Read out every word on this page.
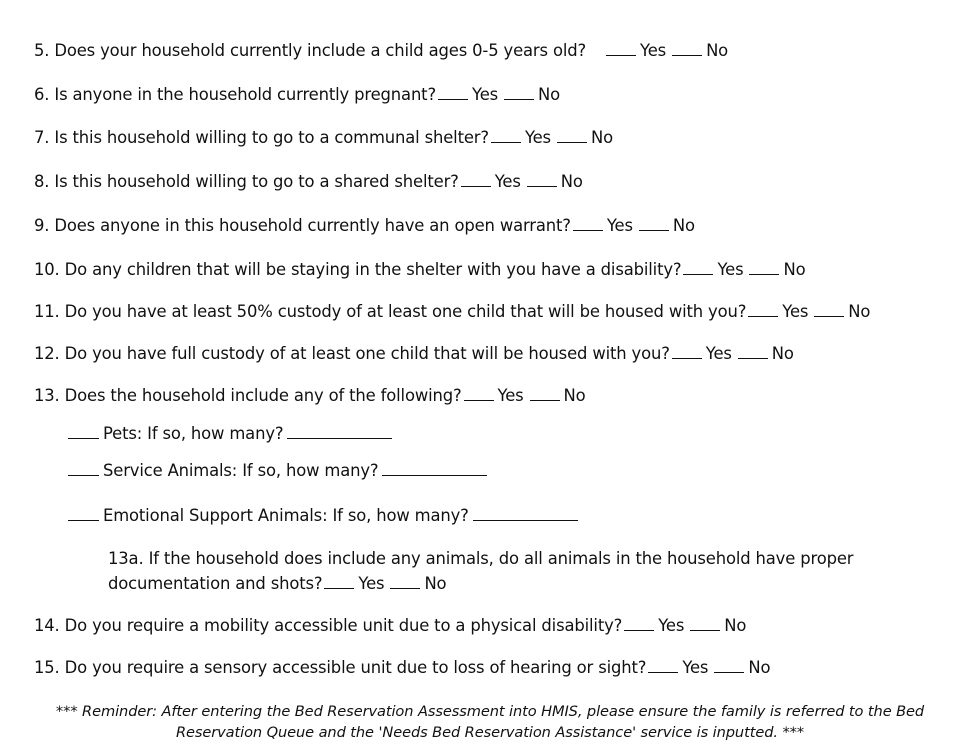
5. Does your household currently include a child ages 0-5 years old?	Yes No
6. Is anyone in the household currently pregnant? Yes No
7. Is this household willing to go to a communal shelter? Yes No
8. Is this household willing to go to a shared shelter? Yes No
9. Does anyone in this household currently have an open warrant? Yes No
10. Do any children that will be staying in the shelter with you have a disability? Yes No
11. Do you have at least 50% custody of at least one child that will be housed with you? Yes No
12. Do you have full custody of at least one child that will be housed with you? Yes No
13. Does the household include any of the following? Yes No
Pets: If so, how many?
Service Animals: If so, how many?
Emotional Support Animals: If so, how many?
13a. If the household does include any animals, do all animals in the household have proper
documentation and shots? Yes No
14. Do you require a mobility accessible unit due to a physical disability? Yes No
15. Do you require a sensory accessible unit due to loss of hearing or sight? Yes No
*** Reminder: After entering the Bed Reservation Assessment into HMIS, please ensure the family is referred to the Bed
Reservation Queue and the 'Needs Bed Reservation Assistance' service is inputted. ***
